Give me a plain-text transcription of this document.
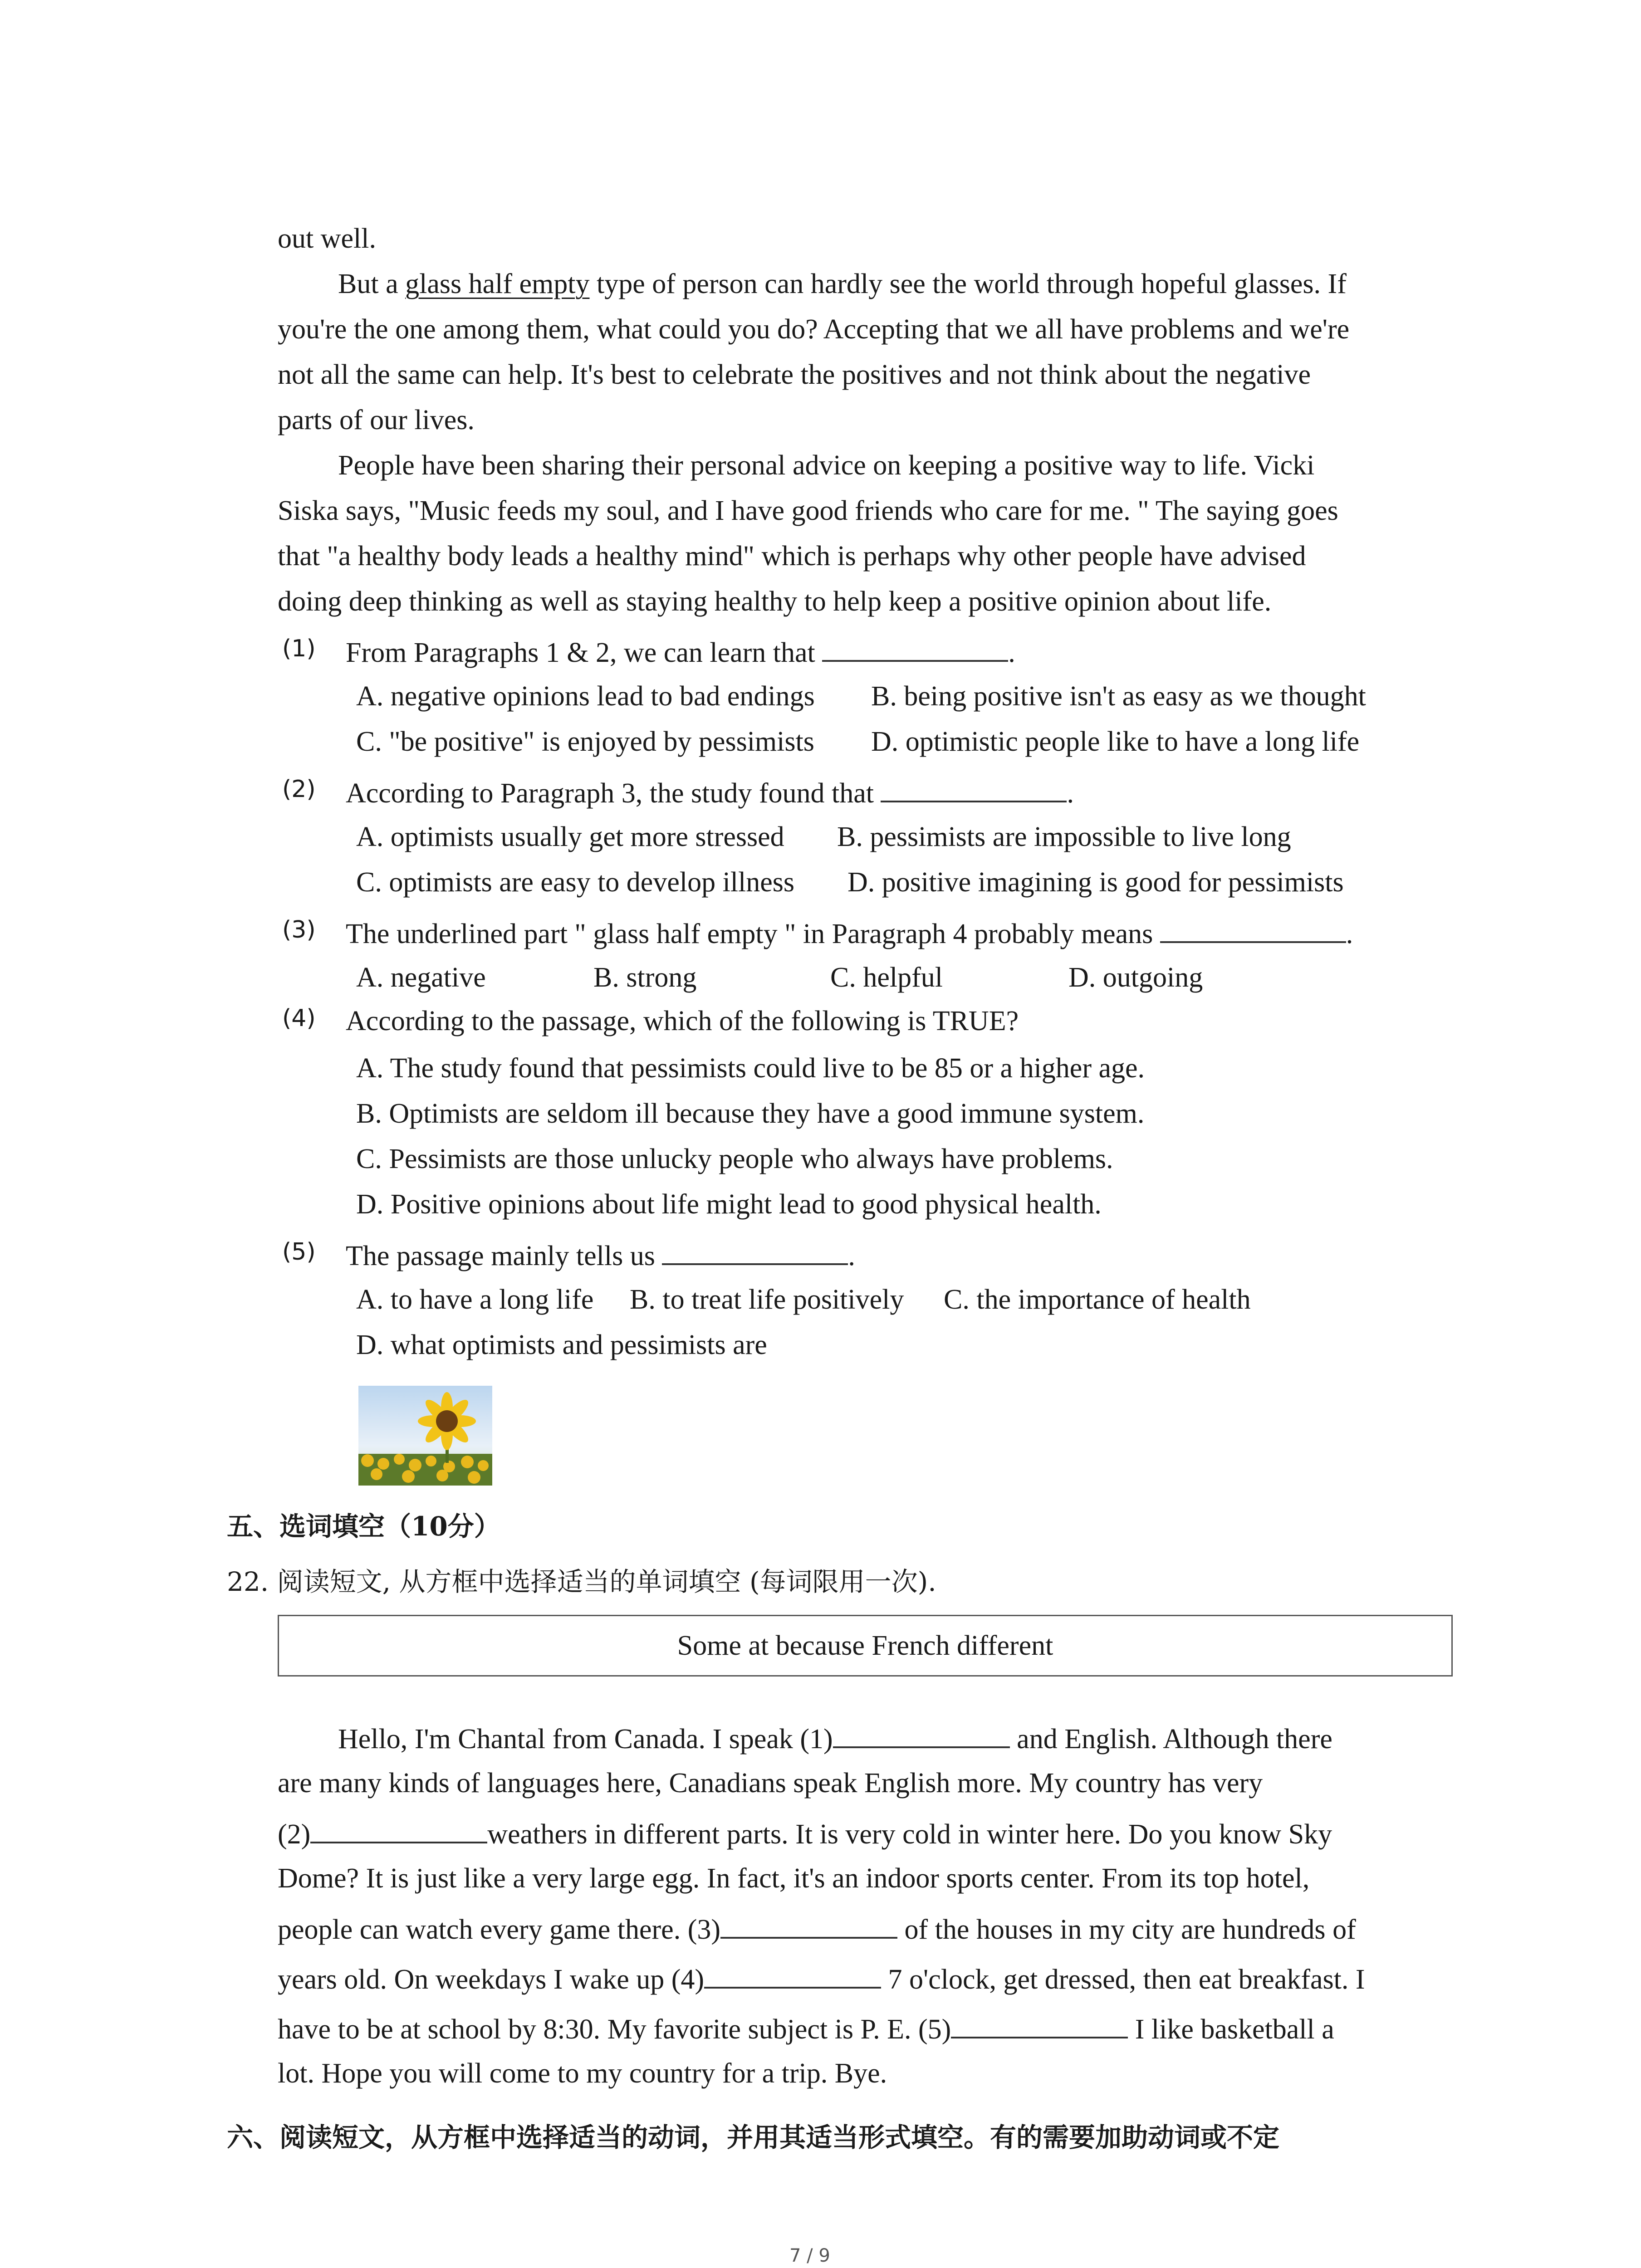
out well.
But a glass half empty type of person can hardly see the world through hopeful glasses. If
you're the one among them, what could you do? Accepting that we all have problems and we're
not all the same can help. It's best to celebrate the positives and not think about the negative
parts of our lives.
People have been sharing their personal advice on keeping a positive way to life. Vicki
Siska says, "Music feeds my soul, and I have good friends who care for me. " The saying goes
that "a healthy body leads a healthy mind" which is perhaps why other people have advised
doing deep thinking as well as staying healthy to help keep a positive opinion about life.
(1) From Paragraphs 1 & 2, we can learn that	.
A. negative opinions lead to bad endings B. being positive isn't as easy as we thought
C. "be positive" is enjoyed by pessimists D. optimistic people like to have a long life
(2) According to Paragraph 3, the study found that	.
A. optimists usually get more stressed B. pessimists are impossible to live long
C. optimists are easy to develop illness D. positive imagining is good for pessimists
(3) The underlined part " glass half empty " in Paragraph 4 probably means	.
A. negative	B. strong	C. helpful	D. outgoing
(4) According to the passage, which of the following is TRUE?
A. The study found that pessimists could live to be 85 or a higher age.
B. Optimists are seldom ill because they have a good immune system.
C. Pessimists are those unlucky people who always have problems.
D. Positive opinions about life might lead to good physical health.
(5) The passage mainly tells us	.
A. to have a long life B. to treat life positively C. the importance of health
D. what optimists and pessimists are
五、选词填空（10分）
22. 阅读短文, 从方框中选择适当的单词填空 (每词限用一次).
Some at because French different
Hello, I'm Chantal from Canada. I speak (1)	and English. Although there
are many kinds of languages here, Canadians speak English more. My country has very
(2)	weathers in different parts. It is very cold in winter here. Do you know Sky
Dome? It is just like a very large egg. In fact, it's an indoor sports center. From its top hotel,
people can watch every game there. (3)	of the houses in my city are hundreds of
years old. On weekdays I wake up (4)	7 o'clock, get dressed, then eat breakfast. I
have to be at school by 8:30. My favorite subject is P. E. (5)	I like basketball a
lot. Hope you will come to my country for a trip. Bye.
六、阅读短文，从方框中选择适当的动词，并用其适当形式填空。有的需要加助动词或不定
7 / 9
